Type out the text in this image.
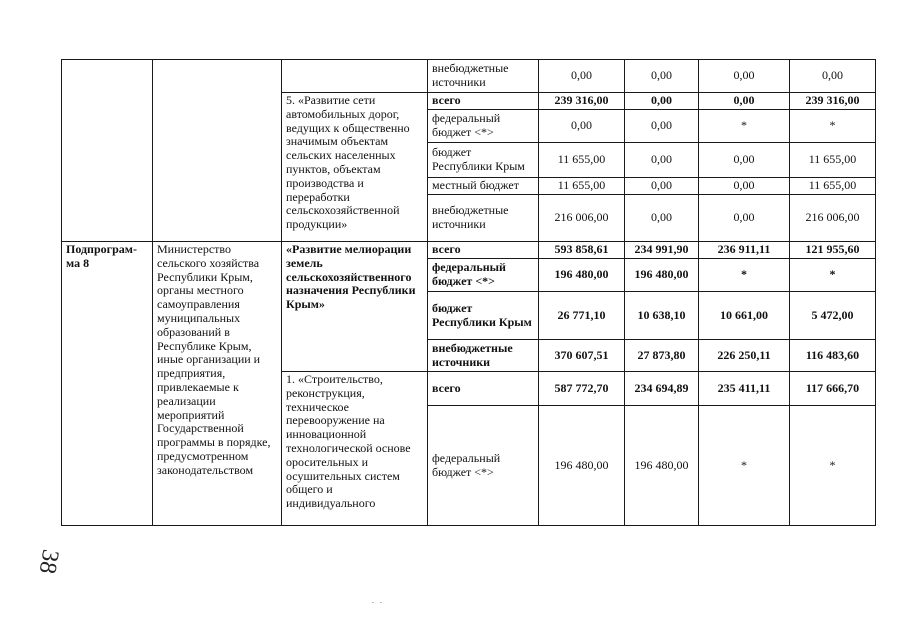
			внебюджетные источники	0,00	0,00	0,00	0,00
		5. «Развитие сети автомобильных дорог, ведущих к общественно значимым объектам сельских населенных пунктов, объектам производства и переработки сельскохозяйственной продукции»	всего	239 316,00	0,00	0,00	239 316,00
			федеральный бюджет <*>	0,00	0,00	*	*
			бюджет Республики Крым	11 655,00	0,00	0,00	11 655,00
			местный бюджет	11 655,00	0,00	0,00	11 655,00
			внебюджетные источники	216 006,00	0,00	0,00	216 006,00
Подпрограм-ма 8	Министерство сельского хозяйства Республики Крым, органы местного самоуправления муниципальных образований в Республике Крым, иные организации и предприятия, привлекаемые к реализации мероприятий Государственной программы в порядке, предусмотренном законодательством	«Развитие мелиорации земель сельскохозяйственного назначения Республики Крым»	всего	593 858,61	234 991,90	236 911,11	121 955,60
			федеральный бюджет <*>	196 480,00	196 480,00	*	*
			бюджет Республики Крым	26 771,10	10 638,10	10 661,00	5 472,00
			внебюджетные источники	370 607,51	27 873,80	226 250,11	116 483,60
		1. «Строительство, реконструкция, техническое перевооружение на инновационной технологической основе оросительных и осушительных систем общего и индивидуального	всего	587 772,70	234 694,89	235 411,11	117 666,70
			федеральный бюджет <*>	196 480,00	196 480,00	*	*
38
